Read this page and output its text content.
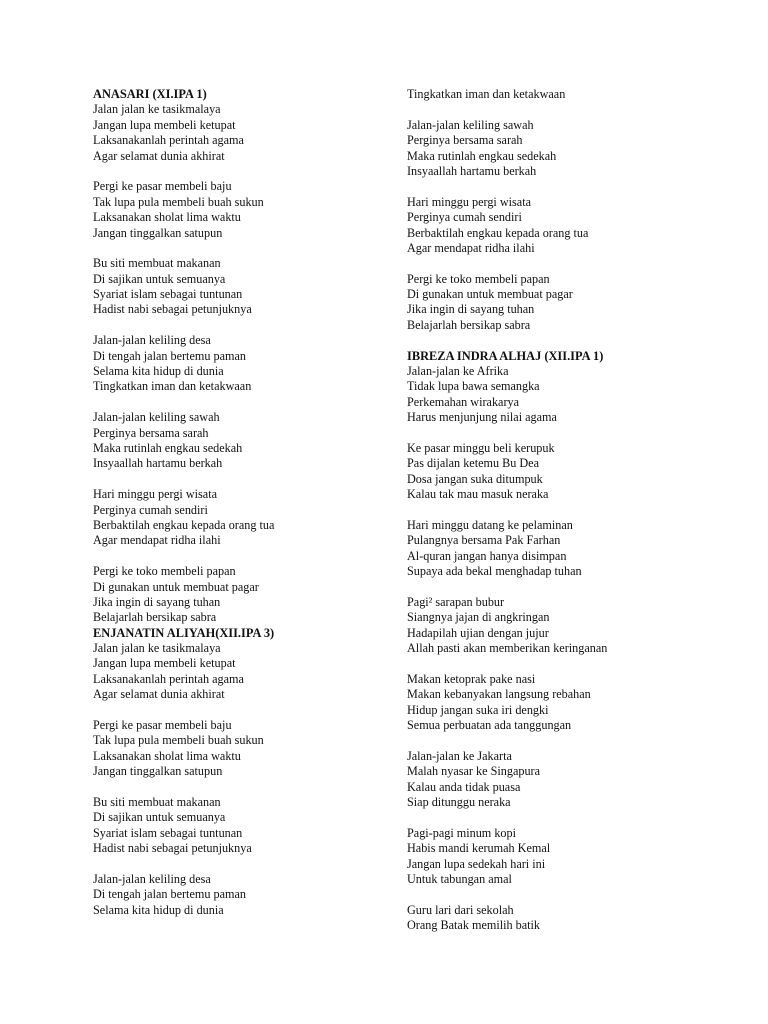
ANASARI (XI.IPA 1)
Jalan jalan ke tasikmalaya
Jangan lupa membeli ketupat
Laksanakanlah perintah agama
Agar selamat dunia akhirat
Pergi ke pasar membeli baju
Tak lupa pula membeli buah sukun
Laksanakan sholat lima waktu
Jangan tinggalkan satupun
Bu siti membuat makanan
Di sajikan untuk semuanya
Syariat islam sebagai tuntunan
Hadist nabi sebagai petunjuknya
Jalan-jalan keliling desa
Di tengah jalan bertemu paman
Selama kita hidup di dunia
Tingkatkan iman dan ketakwaan
Jalan-jalan keliling sawah
Perginya bersama sarah
Maka rutinlah engkau sedekah
Insyaallah hartamu berkah
Hari minggu pergi wisata
Perginya cumah sendiri
Berbaktilah engkau kepada orang tua
Agar mendapat ridha ilahi
Pergi ke toko membeli papan
Di gunakan untuk membuat pagar
Jika ingin di sayang tuhan
Belajarlah bersikap sabra
ENJANATIN ALIYAH(XII.IPA 3)
Jalan jalan ke tasikmalaya
Jangan lupa membeli ketupat
Laksanakanlah perintah agama
Agar selamat dunia akhirat
Pergi ke pasar membeli baju
Tak lupa pula membeli buah sukun
Laksanakan sholat lima waktu
Jangan tinggalkan satupun
Bu siti membuat makanan
Di sajikan untuk semuanya
Syariat islam sebagai tuntunan
Hadist nabi sebagai petunjuknya
Jalan-jalan keliling desa
Di tengah jalan bertemu paman
Selama kita hidup di dunia
Tingkatkan iman dan ketakwaan
Jalan-jalan keliling sawah
Perginya bersama sarah
Maka rutinlah engkau sedekah
Insyaallah hartamu berkah
Hari minggu pergi wisata
Perginya cumah sendiri
Berbaktilah engkau kepada orang tua
Agar mendapat ridha ilahi
Pergi ke toko membeli papan
Di gunakan untuk membuat pagar
Jika ingin di sayang tuhan
Belajarlah bersikap sabra
IBREZA INDRA ALHAJ (XII.IPA 1)
Jalan-jalan ke Afrika
Tidak lupa bawa semangka
Perkemahan wirakarya
Harus menjunjung nilai agama
Ke pasar minggu beli kerupuk
Pas dijalan ketemu Bu Dea
Dosa jangan suka ditumpuk
Kalau tak mau masuk neraka
Hari minggu datang ke pelaminan
Pulangnya bersama Pak Farhan
Al-quran jangan hanya disimpan
Supaya ada bekal menghadap tuhan
Pagi² sarapan bubur
Siangnya jajan di angkringan
Hadapilah ujian dengan jujur
Allah pasti akan memberikan keringanan
Makan ketoprak pake nasi
Makan kebanyakan langsung rebahan
Hidup jangan suka iri dengki
Semua perbuatan ada tanggungan
Jalan-jalan ke Jakarta
Malah nyasar ke Singapura
Kalau anda tidak puasa
Siap ditunggu neraka
Pagi-pagi minum kopi
Habis mandi kerumah Kemal
Jangan lupa sedekah hari ini
Untuk tabungan amal
Guru lari dari sekolah
Orang Batak memilih batik
